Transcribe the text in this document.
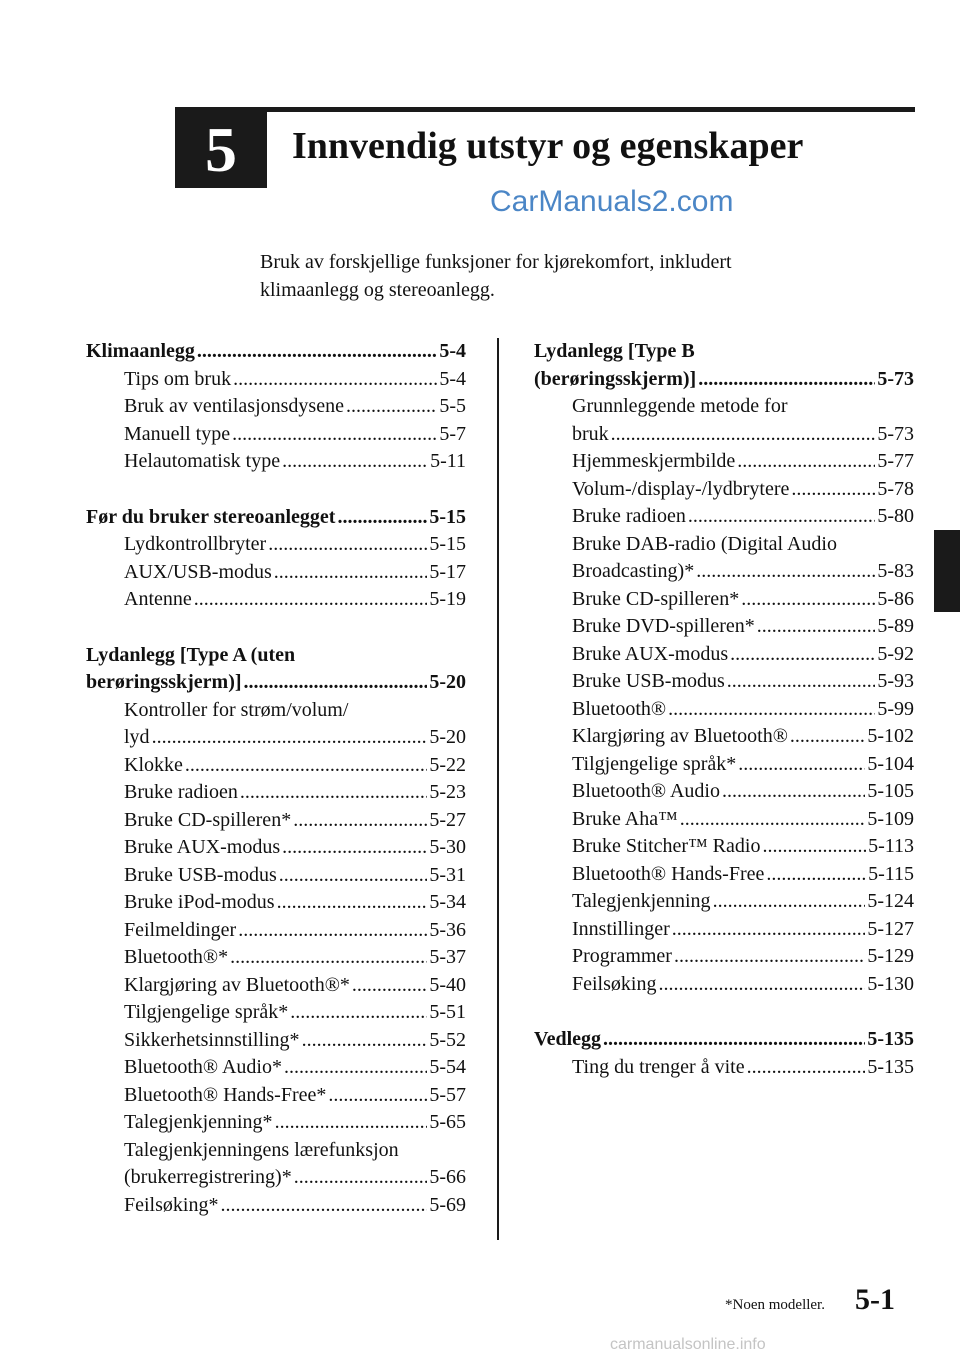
5 Innvendig utstyr og egenskaper
CarManuals2.com
Bruk av forskjellige funksjoner for kjørekomfort, inkludert
klimaanlegg og stereoanlegg.
Klimaanlegg .....	5-4
Tips om bruk .....	5-4
Bruk av ventilasjonsdysene .....	5-5
Manuell type .....	5-7
Helautomatisk type .....	5-11
Før du bruker stereoanlegget .....	5-15
Lydkontrollbryter .....	5-15
AUX/USB-modus .....	5-17
Antenne .....	5-19
Lydanlegg [Type A (uten
berøringsskjerm)] .....	5-20
Kontroller for strøm/volum/
lyd .....	5-20
Klokke .....	5-22
Bruke radioen .....	5-23
Bruke CD-spilleren* .....	5-27
Bruke AUX-modus .....	5-30
Bruke USB-modus .....	5-31
Bruke iPod-modus .....	5-34
Feilmeldinger .....	5-36
Bluetooth®* .....	5-37
Klargjøring av Bluetooth®* .....	5-40
Tilgjengelige språk* .....	5-51
Sikkerhetsinnstilling* .....	5-52
Bluetooth® Audio* .....	5-54
Bluetooth® Hands-Free* .....	5-57
Talegjenkjenning* .....	5-65
Talegjenkjenningens lærefunksjon
(brukerregistrering)* .....	5-66
Feilsøking* .....	5-69
Lydanlegg [Type B
(berøringsskjerm)] .....	5-73
Grunnleggende metode for
bruk .....	5-73
Hjemmeskjermbilde .....	5-77
Volum-/display-/lydbrytere .....	5-78
Bruke radioen .....	5-80
Bruke DAB-radio (Digital Audio
Broadcasting)* .....	5-83
Bruke CD-spilleren* .....	5-86
Bruke DVD-spilleren* .....	5-89
Bruke AUX-modus .....	5-92
Bruke USB-modus .....	5-93
Bluetooth® .....	5-99
Klargjøring av Bluetooth® .....	5-102
Tilgjengelige språk* .....	5-104
Bluetooth® Audio .....	5-105
Bruke Aha™ .....	5-109
Bruke Stitcher™ Radio .....	5-113
Bluetooth® Hands-Free .....	5-115
Talegjenkjenning .....	5-124
Innstillinger .....	5-127
Programmer .....	5-129
Feilsøking .....	5-130
Vedlegg .....	5-135
Ting du trenger å vite .....	5-135
*Noen modeller. 5-1
carmanualsonline.info
